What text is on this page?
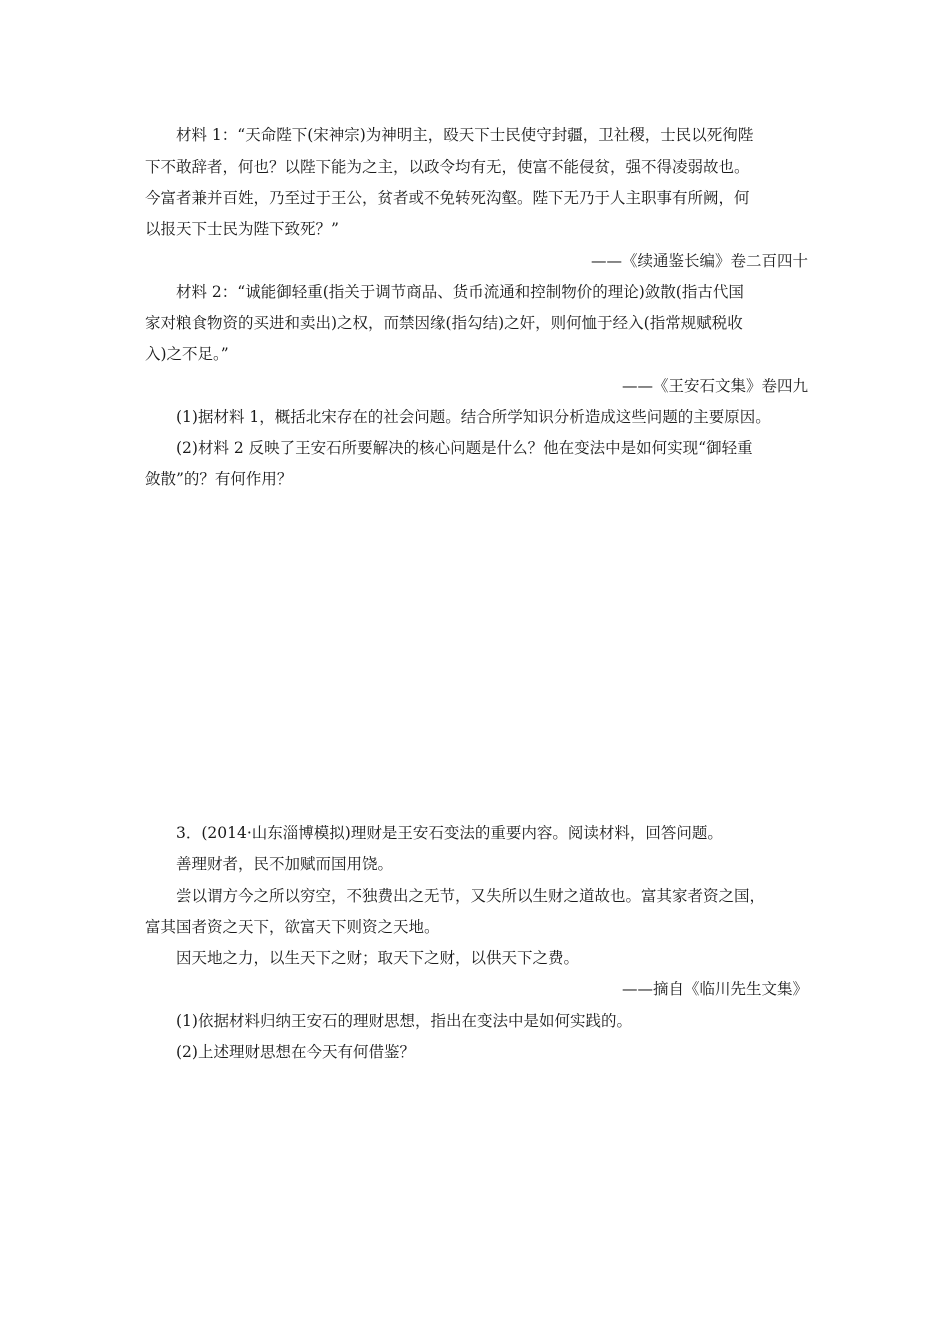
材料 1：“天命陛下(宋神宗)为神明主，殴天下士民使守封疆，卫社稷，士民以死徇陛
下不敢辞者，何也？以陛下能为之主，以政令均有无，使富不能侵贫，强不得凌弱故也。
今富者兼并百姓，乃至过于王公，贫者或不免转死沟壑。陛下无乃于人主职事有所阙，何
以报天下士民为陛下致死？”
——《续通鉴长编》卷二百四十
材料 2：“诚能御轻重(指关于调节商品、货币流通和控制物价的理论)敛散(指古代国
家对粮食物资的买进和卖出)之权，而禁因缘(指勾结)之奸，则何恤于经入(指常规赋税收
入)之不足。”
——《王安石文集》卷四九
(1)据材料 1，概括北宋存在的社会问题。结合所学知识分析造成这些问题的主要原因。
(2)材料 2 反映了王安石所要解决的核心问题是什么？他在变法中是如何实现“御轻重
敛散”的？有何作用？
3．(2014·山东淄博模拟)理财是王安石变法的重要内容。阅读材料，回答问题。
善理财者，民不加赋而国用饶。
尝以谓方今之所以穷空，不独费出之无节，又失所以生财之道故也。富其家者资之国，
富其国者资之天下，欲富天下则资之天地。
因天地之力，以生天下之财；取天下之财，以供天下之费。
——摘自《临川先生文集》
(1)依据材料归纳王安石的理财思想，指出在变法中是如何实践的。
(2)上述理财思想在今天有何借鉴？
